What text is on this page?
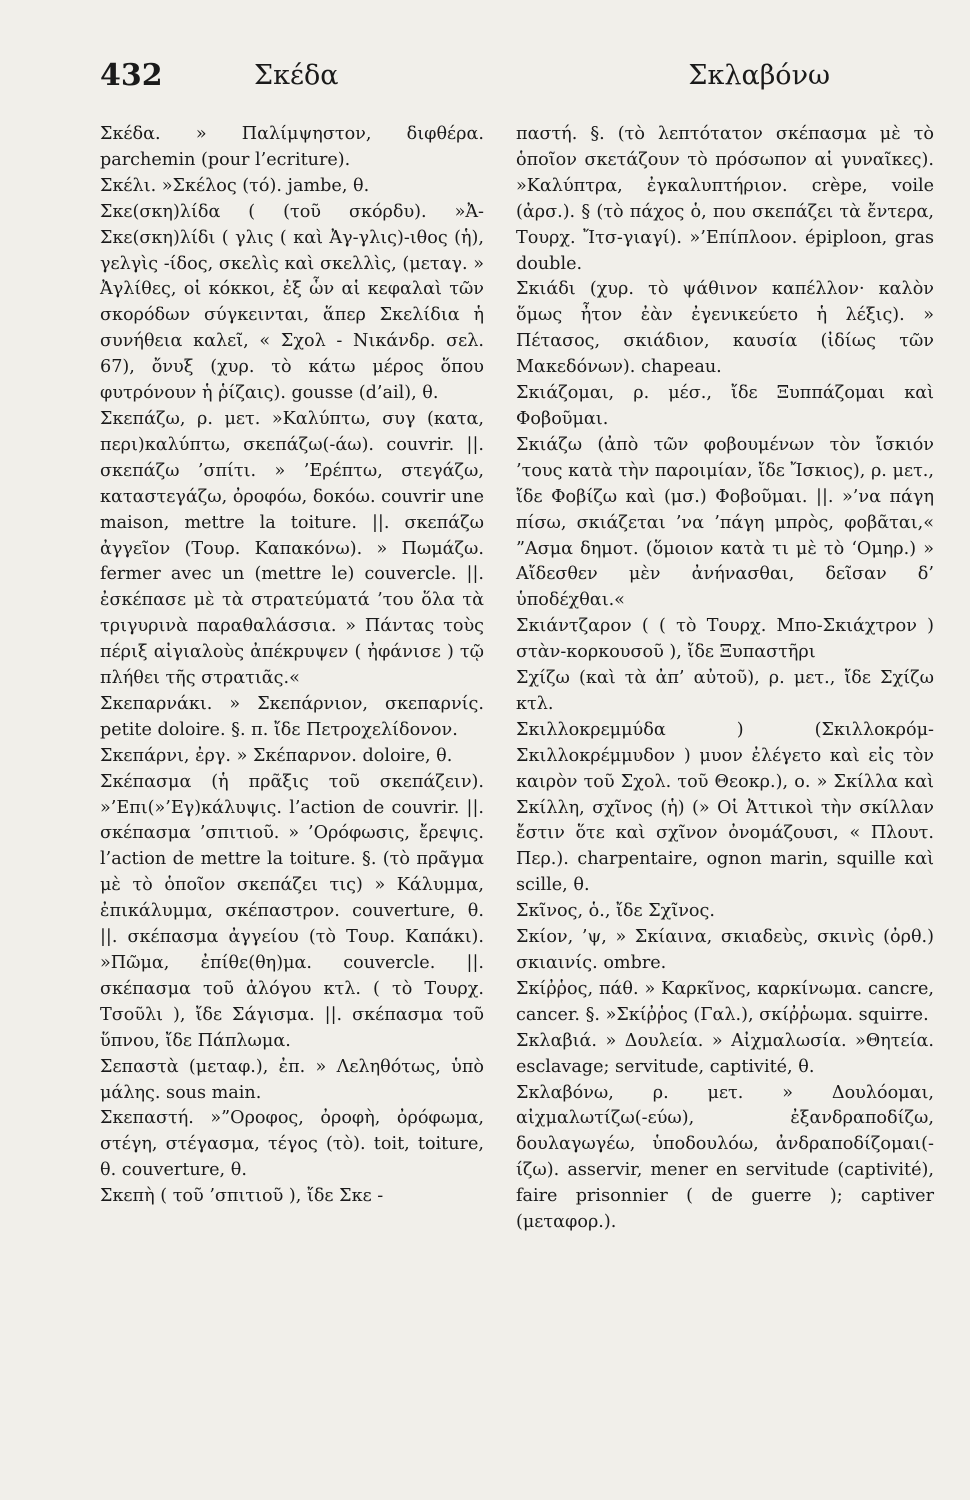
432	Σκέδα	Σκλαβόνω

Σκέδα. » Παλίμψηστον, διφθέρα. parchemin (pour l’ecriture).

Σκέλι. »Σκέλος (τό). jambe, θ.

Σκε(σκη)λίδα ( (τοῦ σκόρδυ). »Ἀ-Σκε(σκη)λίδι ( γλις ( καὶ Ἀγ-γλις)-ιθος (ἡ), γελγὶς -ίδος, σκελὶς καὶ σκελλὶς, (μεταγ. » Ἀγλίθες, οἱ κόκκοι, ἐξ ὧν αἱ κεφαλαὶ τῶν σκορόδων σύγκεινται, ἅπερ Σκελίδια ἡ συνήθεια καλεῖ, « Σχολ - Νικάνδρ. σελ. 67), ὄνυξ (χυρ. τὸ κάτω μέρος ὅπου φυτρόνουν ἡ ῥίζαις). gousse (d’ail), θ.

Σκεπάζω, ρ. μετ. »Καλύπτω, συγ (κατα, περι)καλύπτω, σκεπάζω(-άω). couvrir. ||. σκεπάζω ’σπίτι. » ’Ερέπτω, στεγάζω, καταστεγάζω, ὀροφόω, δοκόω. couvrir une maison, mettre la toiture. ||. σκεπάζω ἀγγεῖον (Τουρ. Καπακόνω). » Πωμάζω. fermer avec un (mettre le) couvercle. ||. ἐσκέπασε μὲ τὰ στρατεύματά ’του ὅλα τὰ τριγυρινὰ παραθαλάσσια. » Πάντας τοὺς πέριξ αἰγιαλοὺς ἀπέκρυψεν ( ἠφάνισε ) τῷ πλήθει τῆς στρατιᾶς.«

Σκεπαρνάκι. » Σκεπάρνιον, σκεπαρνίς. petite doloire. §. π. ἴδε Πετροχελίδονον.

Σκεπάρνι, ἐργ. » Σκέπαρνον. doloire, θ.

Σκέπασμα (ἡ πρᾶξις τοῦ σκεπάζειν). »’Επι(»’Εγ)κάλυψις. l’action de couvrir. ||. σκέπασμα ’σπιτιοῦ. » ’Ορόφωσις, ἔρεψις. l’action de mettre la toiture. §. (τὸ πρᾶγμα μὲ τὸ ὁποῖον σκεπάζει τις) » Κάλυμμα, ἐπικάλυμμα, σκέπαστρον. couverture, θ. ||. σκέπασμα ἀγγείου (τὸ Τουρ. Καπάκι). »Πῶμα, ἐπίθε(θη)μα. couvercle. ||. σκέπασμα τοῦ ἀλόγου κτλ. ( τὸ Τουρχ. Τσοῦλι ), ἴδε Σάγισμα. ||. σκέπασμα τοῦ ὕπνου, ἴδε Πάπλωμα.

Σεπαστὰ (μεταφ.), ἐπ. » Λεληθότως, ὑπὸ μάλης. sous main.

Σκεπαστή. »”Οροφος, ὀροφὴ, ὀρόφωμα, στέγη, στέγασμα, τέγος (τὸ). toit, toiture, θ. couverture, θ.

Σκεπὴ ( τοῦ ’σπιτιοῦ ), ἴδε Σκε -

παστή. §. (τὸ λεπτότατον σκέπασμα μὲ τὸ ὁποῖον σκετάζουν τὸ πρόσωπον αἱ γυναῖκες). »Καλύπτρα, ἐγκαλυπτήριον. crèpe, voile (ἀρσ.). § (τὸ πάχος ὁ, που σκεπάζει τὰ ἔντερα, Τουρχ. Ἴτσ-γιαγί). »’Επίπλοον. épiploon, gras double.

Σκιάδι (χυρ. τὸ ψάθινον καπέλλον· καλὸν ὅμως ἦτον ἐὰν ἐγενικεύετο ἡ λέξις). » Πέτασος, σκιάδιον, καυσία (ἰδίως τῶν Μακεδόνων). chapeau.

Σκιάζομαι, ρ. μέσ., ἴδε Ξυππάζομαι καὶ Φοβοῦμαι.

Σκιάζω (ἀπὸ τῶν φοβουμένων τὸν ἴσκιόν ’τους κατὰ τὴν παροιμίαν, ἴδε Ἴσκιος), ρ. μετ., ἴδε Φοβίζω καὶ (μσ.) Φοβοῦμαι. ||. »’να πάγη πίσω, σκιάζεται ’να ’πάγη μπρὸς, φοβᾶται,« ”Ασμα δημοτ. (ὅμοιον κατὰ τι μὲ τὸ ‘Ομηρ.) » Αἴδεσθεν μὲν ἀνήνασθαι, δεῖσαν δ’ ὑποδέχθαι.«

Σκιάντζαρον ( ( τὸ Τουρχ. Μπο-Σκιάχτρον ) στὰν-κορκουσοῦ ), ἴδε Ξυπαστῆρι

Σχίζω (καὶ τὰ ἀπ’ αὐτοῦ), ρ. μετ., ἴδε Σχίζω κτλ.

Σκιλλοκρεμμύδα ) (Σκιλλοκρόμ-Σκιλλοκρέμμυδον ) μυον ἐλέγετο καὶ εἰς τὸν καιρὸν τοῦ Σχολ. τοῦ Θεοκρ.), ο. » Σκίλλα καὶ Σκίλλη, σχῖνος (ἡ) (» Οἱ Ἀττικοὶ τὴν σκίλλαν ἔστιν ὅτε καὶ σχῖνον ὀνομάζουσι, « Πλουτ. Περ.). charpentaire, ognon marin, squille καὶ scille, θ.

Σκῖνος, ὁ., ἴδε Σχῖνος.

Σκίον, ’ψ, » Σκίαινα, σκιαδεὺς, σκινὶς (ὀρθ.) σκιαινίς. ombre.

Σκίῤῥος, πάθ. » Καρκῖνος, καρκίνωμα. cancre, cancer. §. »Σκίῤῥος (Γαλ.), σκίῤῥωμα. squirre.

Σκλαβιά. » Δουλεία. » Αἰχμαλωσία. »Θητεία. esclavage; servitude, captivité, θ.

Σκλαβόνω, ρ. μετ. » Δουλόομαι, αἰχμαλωτίζω(-εύω), ἐξανδραποδίζω, δουλαγωγέω, ὑποδουλόω, ἀνδραποδίζομαι(-ίζω). asservir, mener en servitude (captivité), faire prisonnier ( de guerre ); captiver (μεταφορ.).
